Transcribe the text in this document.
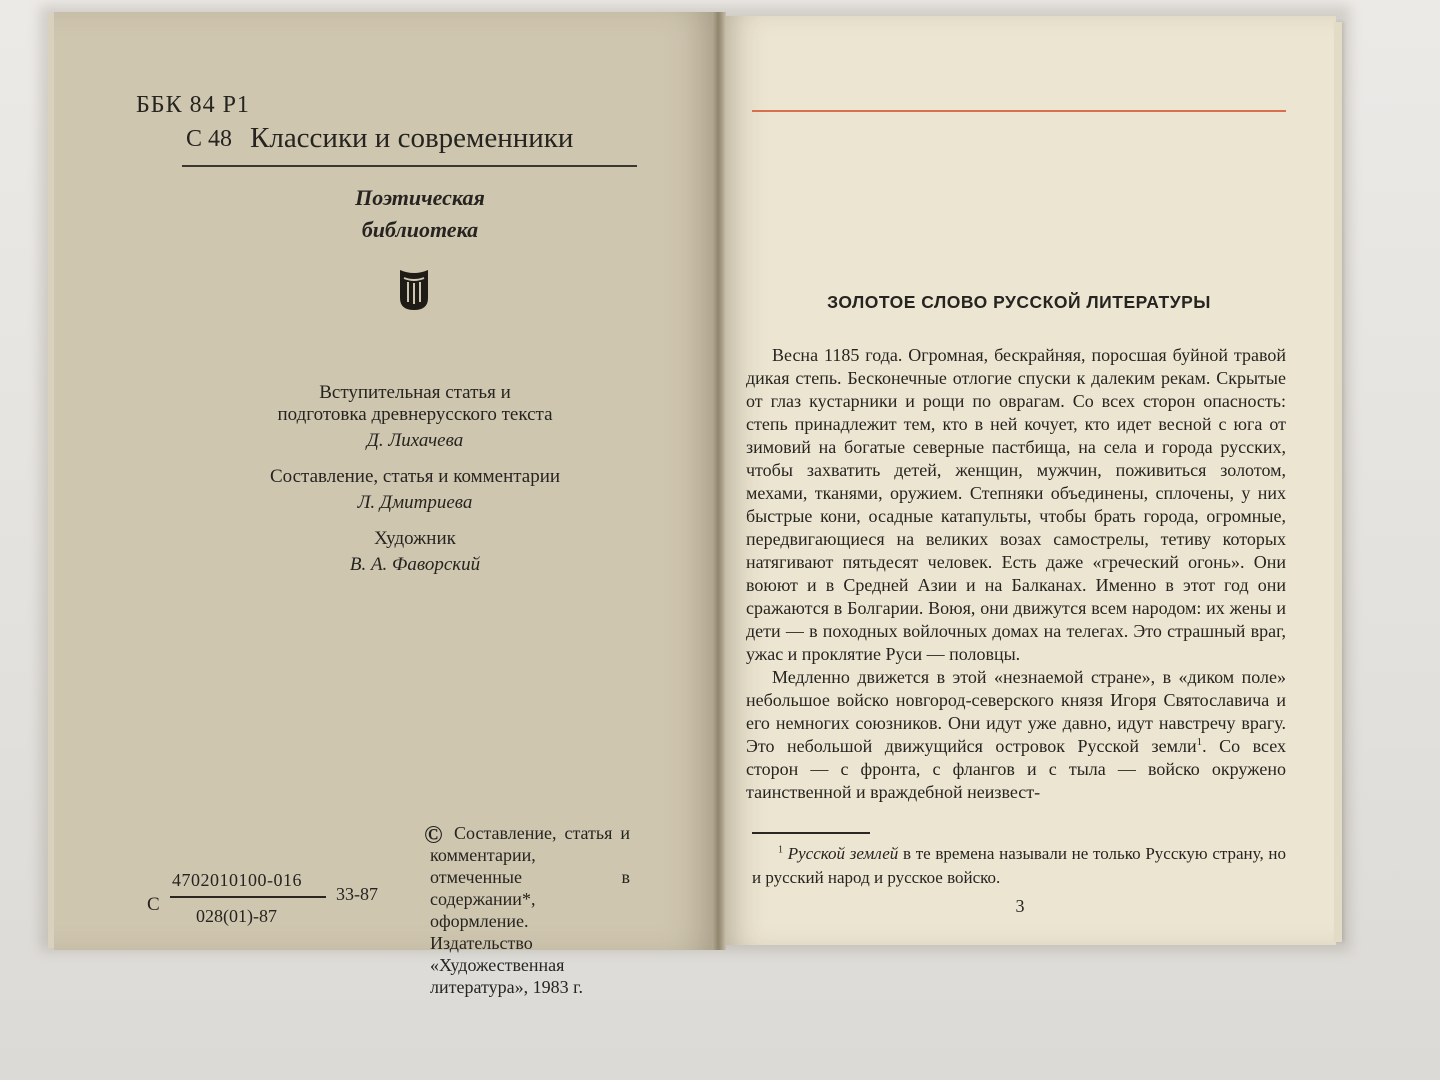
ББК 84 Р1
С 48 Классики и современники
Поэтическая
библиотека
Вступительная статья и
подготовка древнерусского текста
Д. Лихачева
Составление, статья и комментарии
Л. Дмитриева
Художник
В. А. Фаворский
© Составление, статья и комментарии, отмеченные в содержании*, оформление. Издательство «Художественная литература», 1983 г.
С
4702010100-016
028(01)-87
33-87
ЗОЛОТОЕ СЛОВО РУССКОЙ ЛИТЕРАТУРЫ

Весна 1185 года. Огромная, бескрайняя, поросшая буйной травой дикая степь. Бесконечные отлогие спуски к далеким рекам. Скрытые от глаз кустарники и рощи по оврагам. Со всех сторон опасность: степь принадлежит тем, кто в ней кочует, кто идет весной с юга от зимовий на богатые северные пастбища, на села и города русских, чтобы захватить детей, женщин, мужчин, поживиться золотом, мехами, тканями, оружием. Степняки объединены, сплочены, у них быстрые кони, осадные катапульты, чтобы брать города, огромные, передвигающиеся на великих возах самострелы, тетиву которых натягивают пятьдесят человек. Есть даже «греческий огонь». Они воюют и в Средней Азии и на Балканах. Именно в этот год они сражаются в Болгарии. Воюя, они движутся всем народом: их жены и дети — в походных войлочных домах на телегах. Это страшный враг, ужас и проклятие Руси — половцы.

Медленно движется в этой «незнаемой стране», в «диком поле» небольшое войско новгород-северского князя Игоря Святославича и его немногих союзников. Они идут уже давно, идут навстречу врагу. Это небольшой движущийся островок Русской земли$^1$. Со всех сторон — с фронта, с флангов и с тыла — войско окружено таинственной и враждебной неизвест-

$^1$ Русской землей в те времена называли не только Русскую страну, но и русский народ и русское войско.
3
